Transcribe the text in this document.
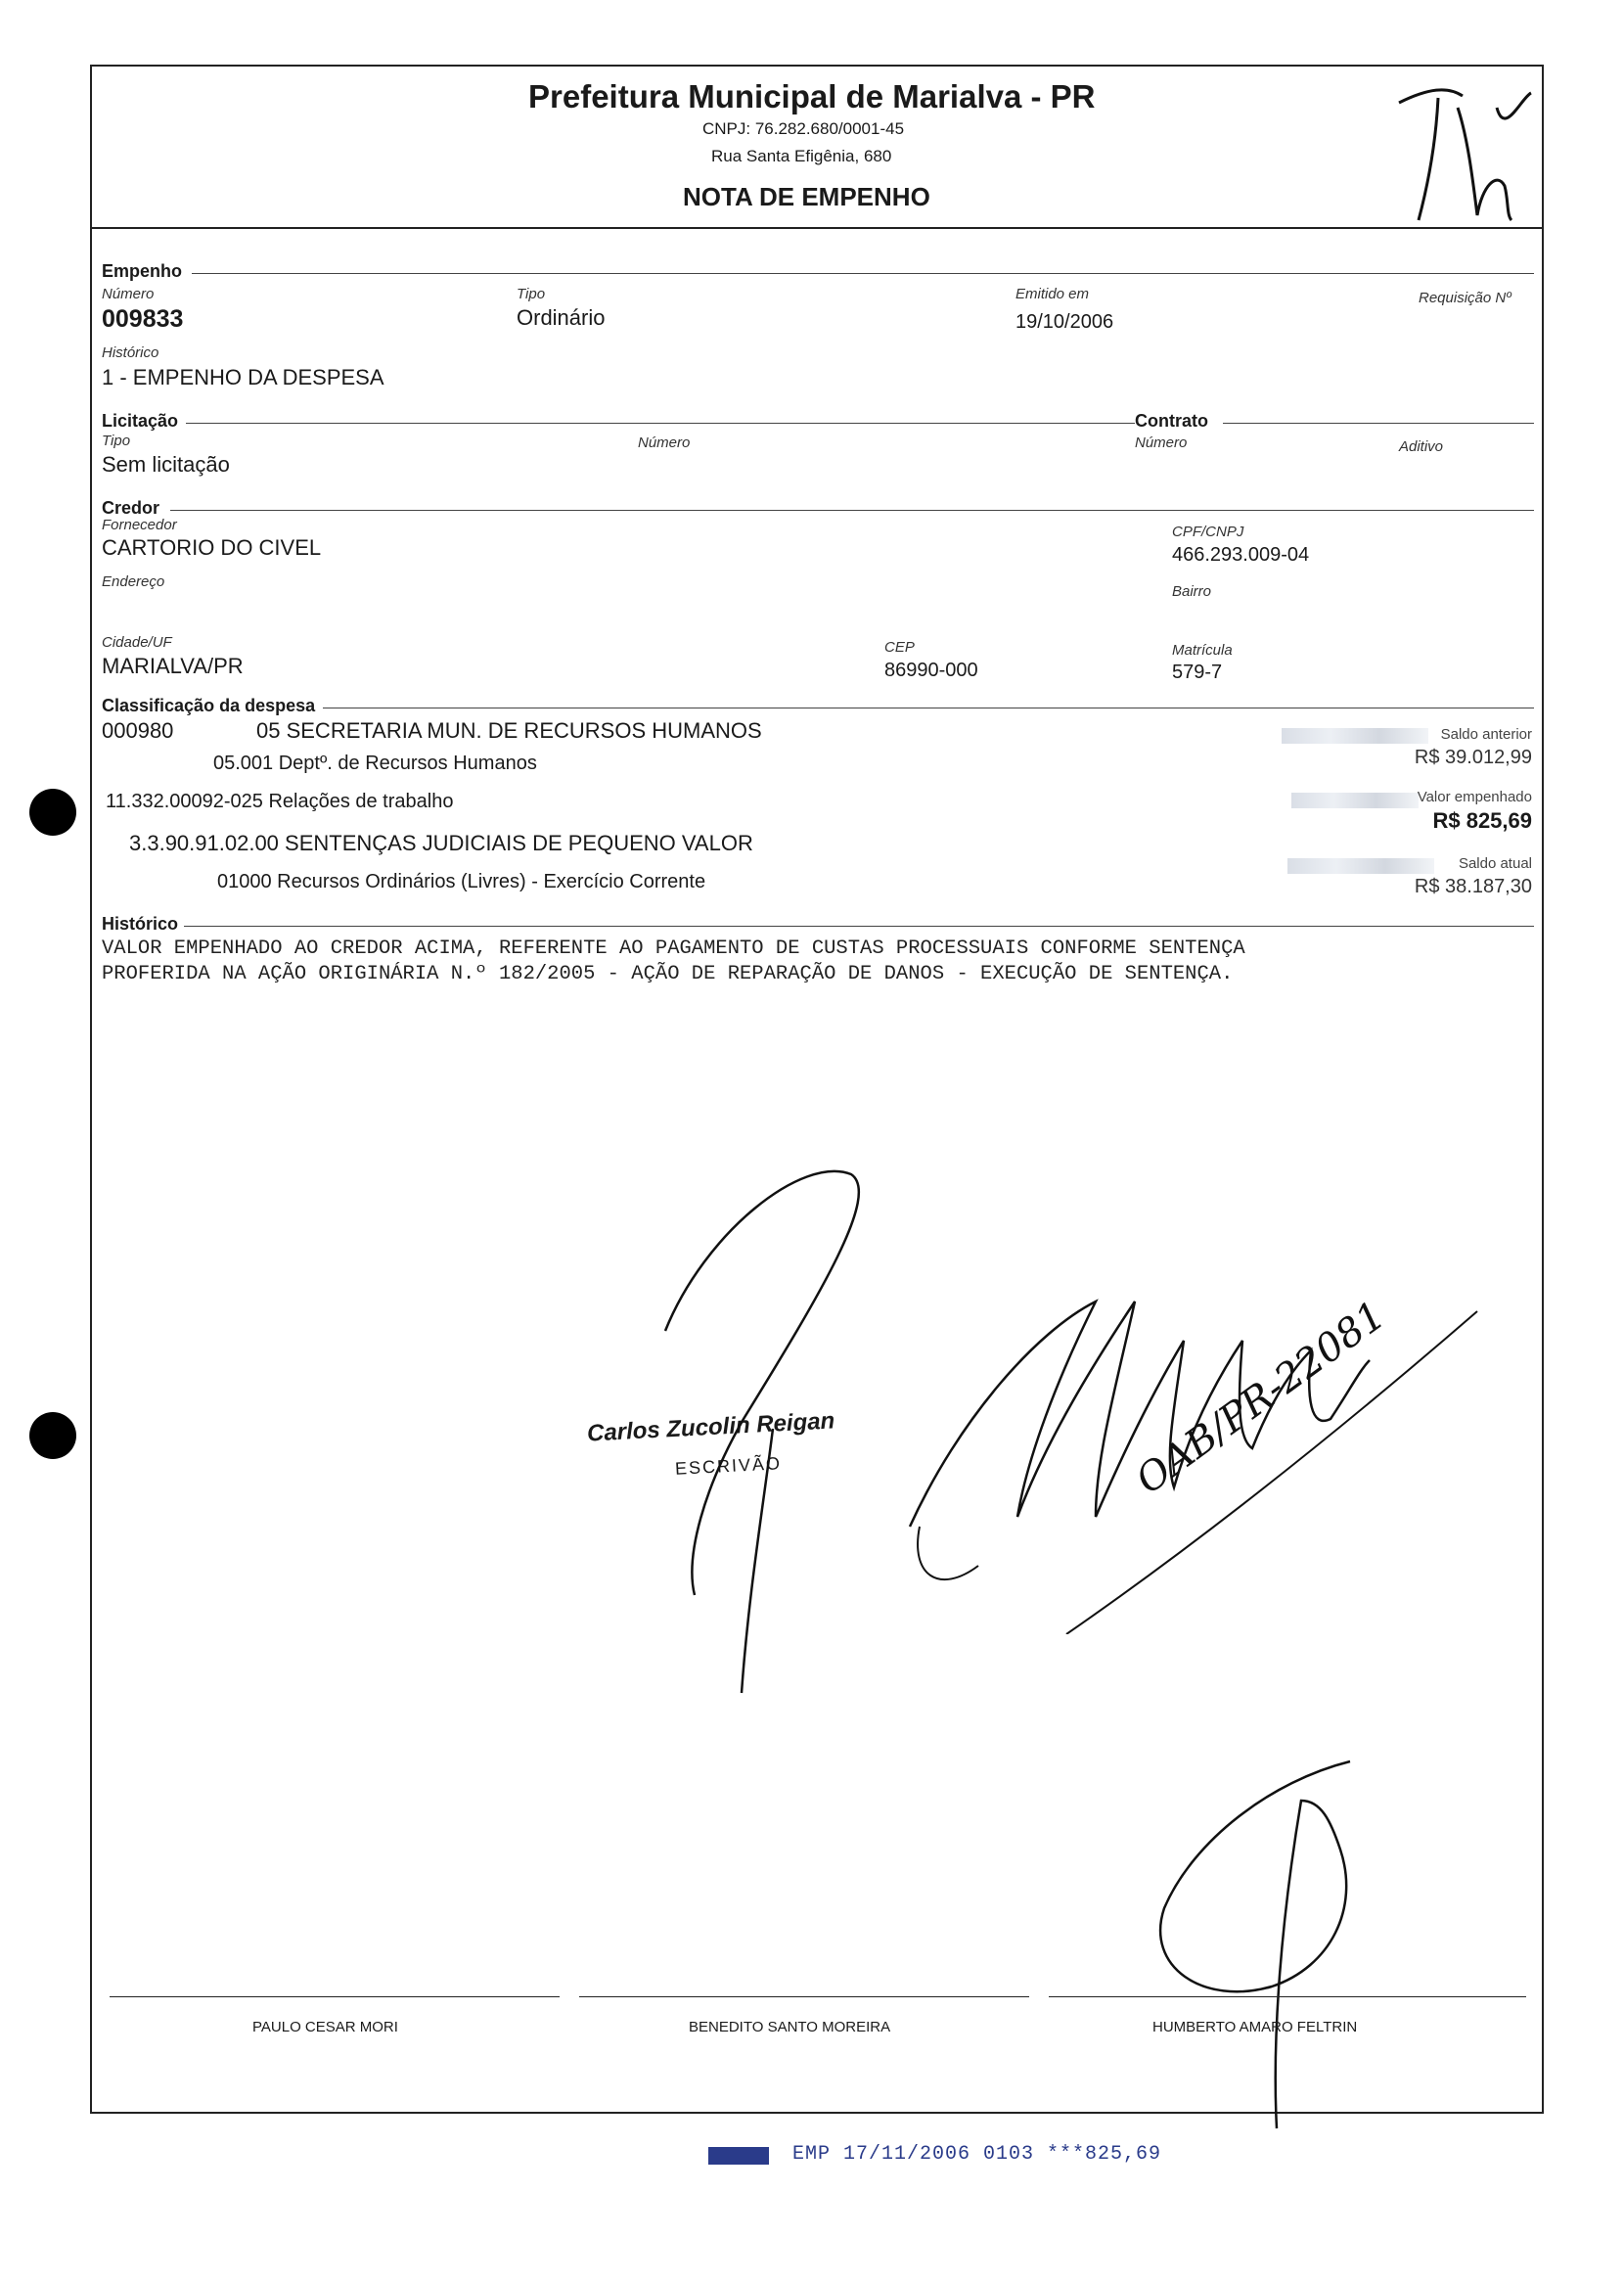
Prefeitura Municipal de Marialva - PR
CNPJ: 76.282.680/0001-45
Rua Santa Efigênia, 680
NOTA DE EMPENHO
Empenho
Número
009833
Tipo
Ordinário
Emitido em
19/10/2006
Requisição Nº
Histórico
1 - EMPENHO DA DESPESA
Licitação	Contrato
Tipo
Sem licitação
Número	Número	Aditivo
Credor
Fornecedor
CARTORIO DO CIVEL
CPF/CNPJ
466.293.009-04
Endereço
Bairro
Cidade/UF
MARIALVA/PR
CEP
86990-000
Matrícula
579-7
Classificação da despesa
000980	05 SECRETARIA MUN. DE RECURSOS HUMANOS
05.001 Deptº. de Recursos Humanos
11.332.00092-025 Relações de trabalho
3.3.90.91.02.00 SENTENÇAS JUDICIAIS DE PEQUENO VALOR
01000 Recursos Ordinários (Livres) - Exercício Corrente
Saldo anterior
R$ 39.012,99
Valor empenhado
R$ 825,69
Saldo atual
R$ 38.187,30
Histórico
VALOR EMPENHADO AO CREDOR ACIMA, REFERENTE AO PAGAMENTO DE CUSTAS PROCESSUAIS CONFORME SENTENÇA
PROFERIDA NA AÇÃO ORIGINÁRIA N.º 182/2005 - AÇÃO DE REPARAÇÃO DE DANOS - EXECUÇÃO DE SENTENÇA.
Carlos Zucolin Reigan
ESCRIVÃO	OAB/PR-22081
PAULO CESAR MORI	BENEDITO SANTO MOREIRA	HUMBERTO AMARO FELTRIN
EMP 17/11/2006 0103 ***825,69
